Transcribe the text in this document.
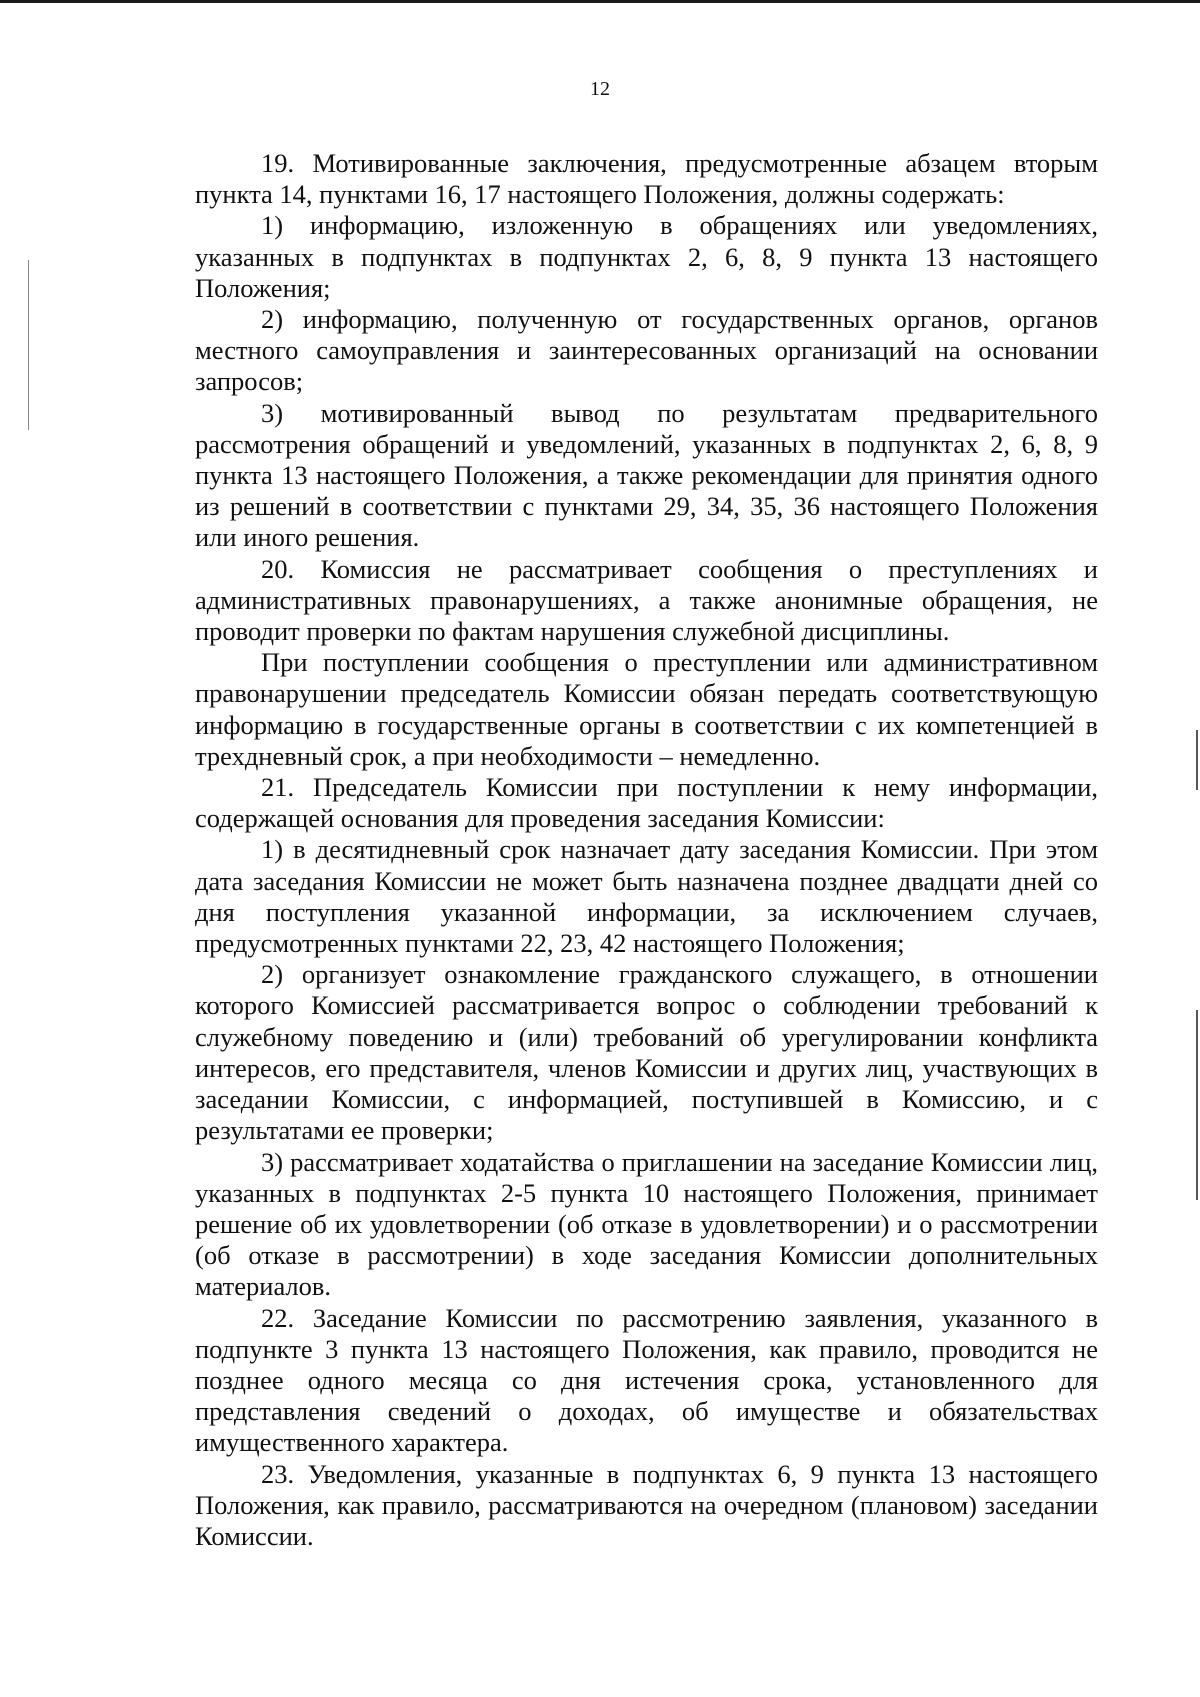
12

19. Мотивированные заключения, предусмотренные абзацем вторым пункта 14, пунктами 16, 17 настоящего Положения, должны содержать:

1) информацию, изложенную в обращениях или уведомлениях, указанных в подпунктах в подпунктах 2, 6, 8, 9 пункта 13 настоящего Положения;

2) информацию, полученную от государственных органов, органов местного самоуправления и заинтересованных организаций на основании запросов;

3) мотивированный вывод по результатам предварительного рассмотрения обращений и уведомлений, указанных в подпунктах 2, 6, 8, 9 пункта 13 настоящего Положения, а также рекомендации для принятия одного из решений в соответствии с пунктами 29, 34, 35, 36 настоящего Положения или иного решения.

20. Комиссия не рассматривает сообщения о преступлениях и административных правонарушениях, а также анонимные обращения, не проводит проверки по фактам нарушения служебной дисциплины.

При поступлении сообщения о преступлении или административном правонарушении председатель Комиссии обязан передать соответствующую информацию в государственные органы в соответствии с их компетенцией в трехдневный срок, а при необходимости – немедленно.

21. Председатель Комиссии при поступлении к нему информации, содержащей основания для проведения заседания Комиссии:

1) в десятидневный срок назначает дату заседания Комиссии. При этом дата заседания Комиссии не может быть назначена позднее двадцати дней со дня поступления указанной информации, за исключением случаев, предусмотренных пунктами 22, 23, 42 настоящего Положения;

2) организует ознакомление гражданского служащего, в отношении которого Комиссией рассматривается вопрос о соблюдении требований к служебному поведению и (или) требований об урегулировании конфликта интересов, его представителя, членов Комиссии и других лиц, участвующих в заседании Комиссии, с информацией, поступившей в Комиссию, и с результатами ее проверки;

3) рассматривает ходатайства о приглашении на заседание Комиссии лиц, указанных в подпунктах 2-5 пункта 10 настоящего Положения, принимает решение об их удовлетворении (об отказе в удовлетворении) и о рассмотрении (об отказе в рассмотрении) в ходе заседания Комиссии дополнительных материалов.

22. Заседание Комиссии по рассмотрению заявления, указанного в подпункте 3 пункта 13 настоящего Положения, как правило, проводится не позднее одного месяца со дня истечения срока, установленного для представления сведений о доходах, об имуществе и обязательствах имущественного характера.

23. Уведомления, указанные в подпунктах 6, 9 пункта 13 настоящего Положения, как правило, рассматриваются на очередном (плановом) заседании Комиссии.
